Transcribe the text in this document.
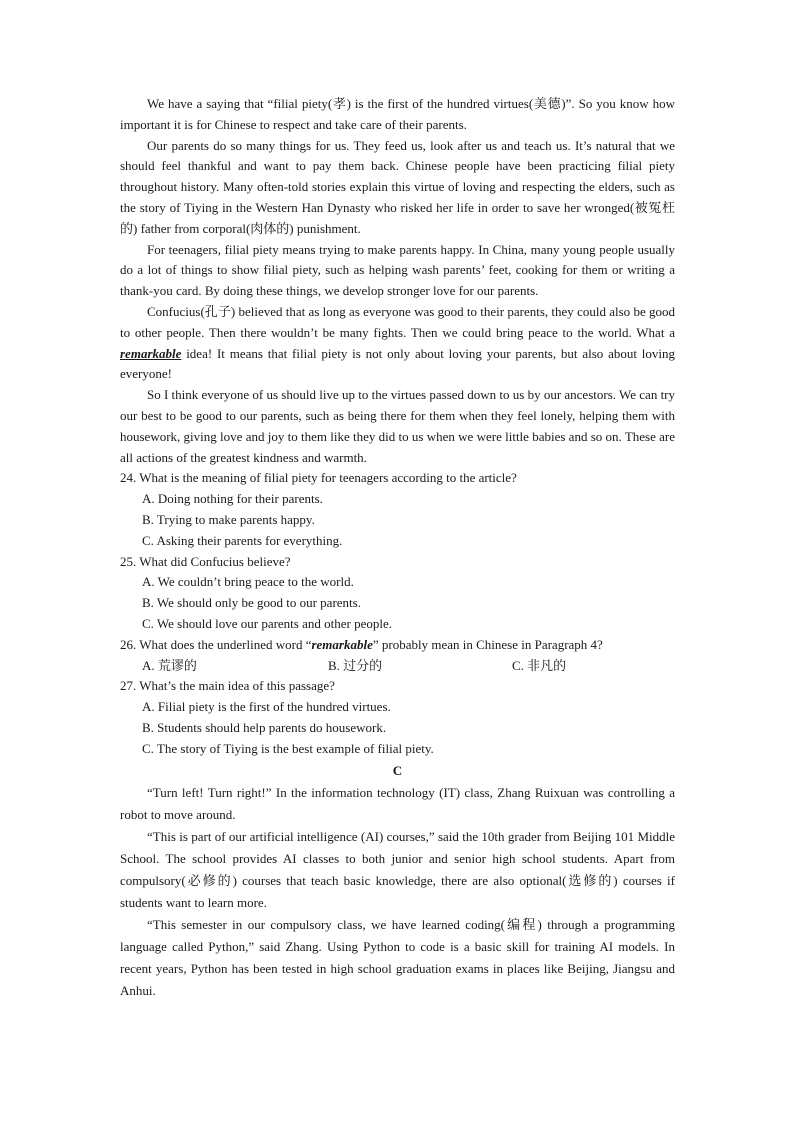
We have a saying that “filial piety(孝) is the first of the hundred virtues(美德)”. So you know how important it is for Chinese to respect and take care of their parents.

Our parents do so many things for us. They feed us, look after us and teach us. It’s natural that we should feel thankful and want to pay them back. Chinese people have been practicing filial piety throughout history. Many often-told stories explain this virtue of loving and respecting the elders, such as the story of Tiying in the Western Han Dynasty who risked her life in order to save her wronged(被冤枉的) father from corporal(肉体的) punishment.

For teenagers, filial piety means trying to make parents happy. In China, many young people usually do a lot of things to show filial piety, such as helping wash parents’ feet, cooking for them or writing a thank-you card. By doing these things, we develop stronger love for our parents.

Confucius(孔子) believed that as long as everyone was good to their parents, they could also be good to other people. Then there wouldn’t be many fights. Then we could bring peace to the world. What a remarkable idea! It means that filial piety is not only about loving your parents, but also about loving everyone!

So I think everyone of us should live up to the virtues passed down to us by our ancestors. We can try our best to be good to our parents, such as being there for them when they feel lonely, helping them with housework, giving love and joy to them like they did to us when we were little babies and so on. These are all actions of the greatest kindness and warmth.

24. What is the meaning of filial piety for teenagers according to the article?

A. Doing nothing for their parents.

B. Trying to make parents happy.

C. Asking their parents for everything.

25. What did Confucius believe?

A. We couldn’t bring peace to the world.

B. We should only be good to our parents.

C. We should love our parents and other people.

26. What does the underlined word “remarkable” probably mean in Chinese in Paragraph 4?

A. 荒谬的	B. 过分的	C. 非凡的

27. What’s the main idea of this passage?

A. Filial piety is the first of the hundred virtues.

B. Students should help parents do housework.

C. The story of Tiying is the best example of filial piety.

C

“Turn left! Turn right!” In the information technology (IT) class, Zhang Ruixuan was controlling a robot to move around.

“This is part of our artificial intelligence (AI) courses,” said the 10th grader from Beijing 101 Middle School. The school provides AI classes to both junior and senior high school students. Apart from compulsory(必修的) courses that teach basic knowledge, there are also optional(选修的) courses if students want to learn more.

“This semester in our compulsory class, we have learned coding(编程) through a programming language called Python,” said Zhang. Using Python to code is a basic skill for training AI models. In recent years, Python has been tested in high school graduation exams in places like Beijing, Jiangsu and Anhui.
